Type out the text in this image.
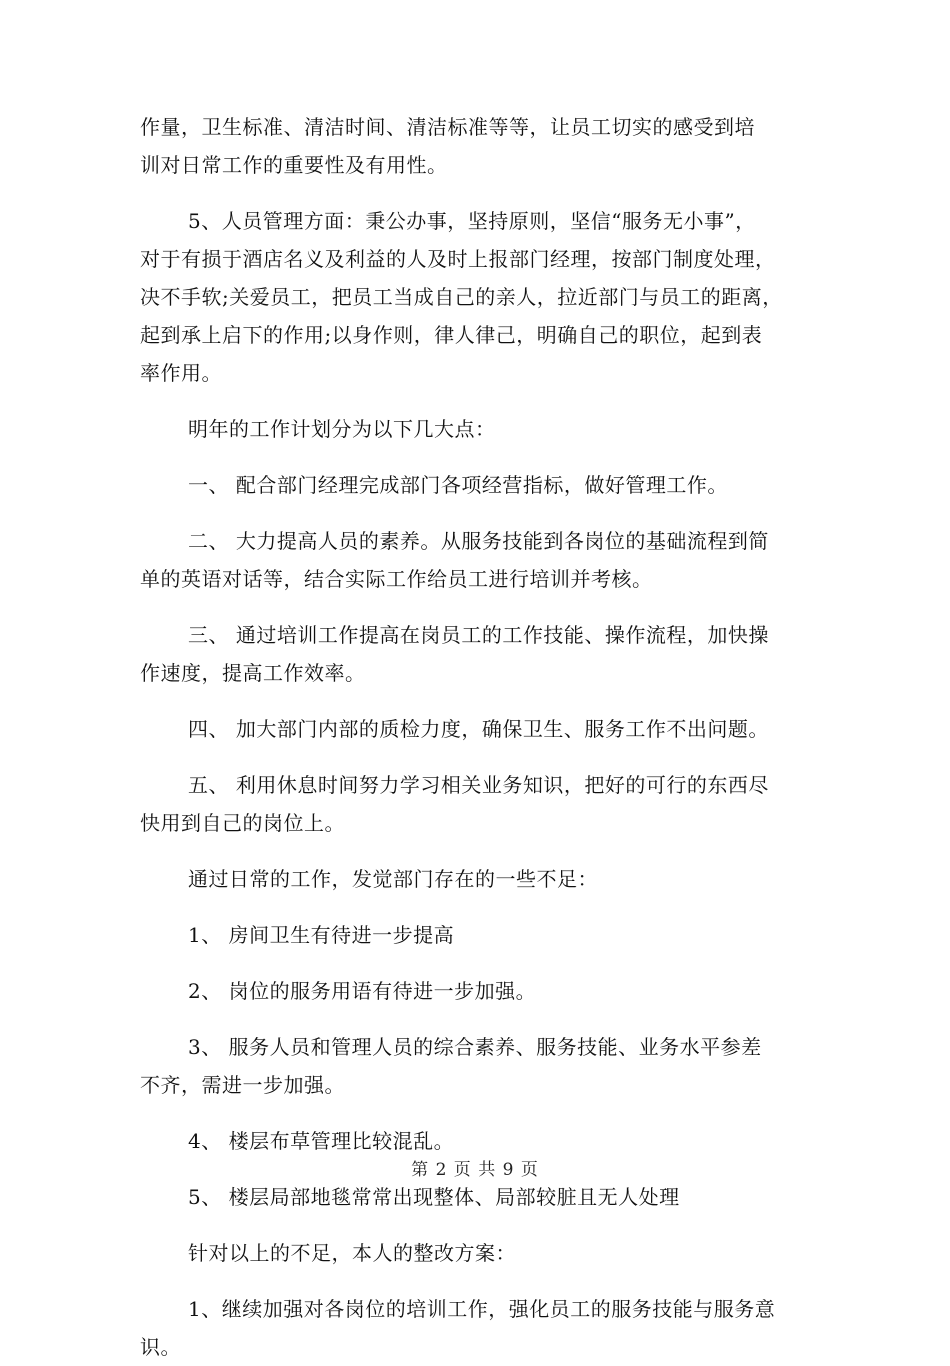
作量，卫生标准、清洁时间、清洁标准等等，让员工切实的感受到培
训对日常工作的重要性及有用性。
5、人员管理方面：秉公办事，坚持原则，坚信“服务无小事”，
对于有损于酒店名义及利益的人及时上报部门经理，按部门制度处理，
决不手软;关爱员工，把员工当成自己的亲人，拉近部门与员工的距离，
起到承上启下的作用;以身作则，律人律己，明确自己的职位，起到表
率作用。
明年的工作计划分为以下几大点：
一、 配合部门经理完成部门各项经营指标，做好管理工作。
二、 大力提高人员的素养。从服务技能到各岗位的基础流程到简
单的英语对话等，结合实际工作给员工进行培训并考核。
三、 通过培训工作提高在岗员工的工作技能、操作流程，加快操
作速度，提高工作效率。
四、 加大部门内部的质检力度，确保卫生、服务工作不出问题。
五、 利用休息时间努力学习相关业务知识，把好的可行的东西尽
快用到自己的岗位上。
通过日常的工作，发觉部门存在的一些不足：
1、 房间卫生有待进一步提高
2、 岗位的服务用语有待进一步加强。
3、 服务人员和管理人员的综合素养、服务技能、业务水平参差
不齐，需进一步加强。
4、 楼层布草管理比较混乱。
5、 楼层局部地毯常常出现整体、局部较脏且无人处理
针对以上的不足，本人的整改方案：
1、继续加强对各岗位的培训工作，强化员工的服务技能与服务意
识。
第 2 页 共 9 页
